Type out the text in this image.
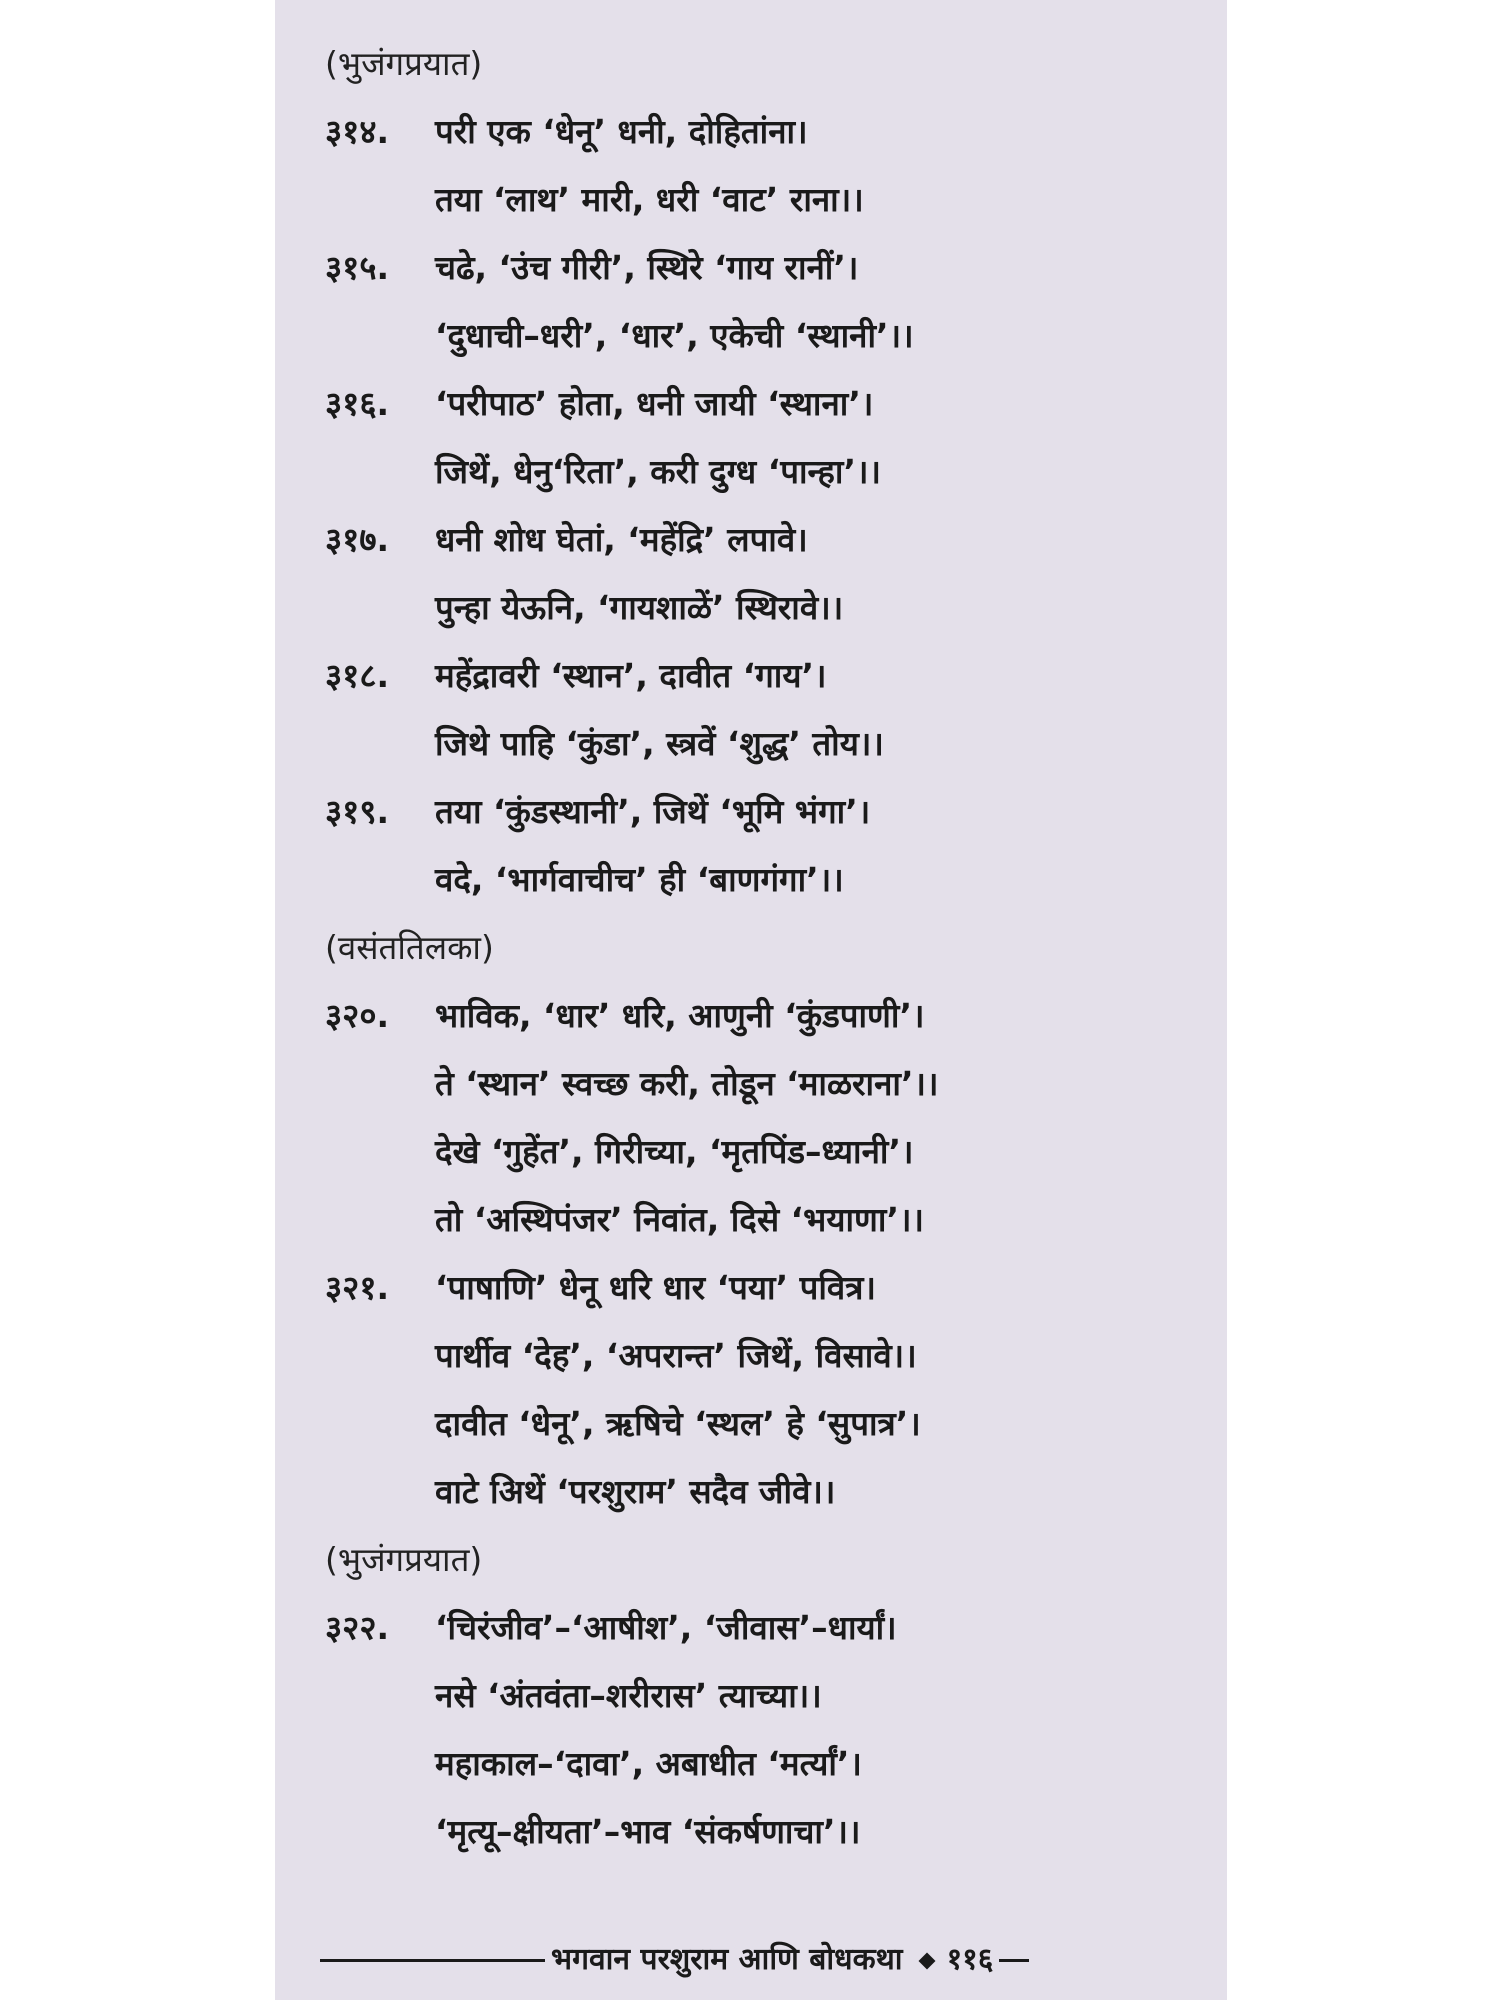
(भुजंगप्रयात)
३१४. परी एक ‘धेनू’ धनी, दोहितांना।
तया ‘लाथ’ मारी, धरी ‘वाट’ राना।।
३१५. चढे, ‘उंच गीरी’, स्थिरे ‘गाय रानीं’।
‘दुधाची–धरी’, ‘धार’, एकेची ‘स्थानी’।।
३१६. ‘परीपाठ’ होता, धनी जायी ‘स्थाना’।
जिथें, धेनु‘रिता’, करी दुग्ध ‘पान्हा’।।
३१७. धनी शोध घेतां, ‘महेंद्रि’ लपावे।
पुन्हा येऊनि, ‘गायशाळें’ स्थिरावे।।
३१८. महेंद्रावरी ‘स्थान’, दावीत ‘गाय’।
जिथे पाहि ‘कुंडा’, स्त्रवें ‘शुद्ध’ तोय।।
३१९. तया ‘कुंडस्थानी’, जिथें ‘भूमि भंगा’।
वदे, ‘भार्गवाचीच’ ही ‘बाणगंगा’।।
(वसंततिलका)
३२०. भाविक, ‘धार’ धरि, आणुनी ‘कुंडपाणी’।
ते ‘स्थान’ स्वच्छ करी, तोडून ‘माळराना’।।
देखे ‘गुहेंत’, गिरीच्या, ‘मृतपिंड–ध्यानी’।
तो ‘अस्थिपंजर’ निवांत, दिसे ‘भयाणा’।।
३२१. ‘पाषाणि’ धेनू धरि धार ‘पया’ पवित्र।
पार्थीव ‘देह’, ‘अपरान्त’ जिथें, विसावे।।
दावीत ‘धेनू’, ऋषिचे ‘स्थल’ हे ‘सुपात्र’।
वाटे अिथें ‘परशुराम’ सदैव जीवे।।
(भुजंगप्रयात)
३२२. ‘चिरंजीव’–‘आषीश’, ‘जीवास’–धार्यां।
नसे ‘अंतवंता–शरीरास’ त्याच्या।।
महाकाल–‘दावा’, अबाधीत ‘मर्त्यां’।
‘मृत्यू–क्षीयता’–भाव ‘संकर्षणाचा’।।
भगवान परशुराम आणि बोधकथा ११६
